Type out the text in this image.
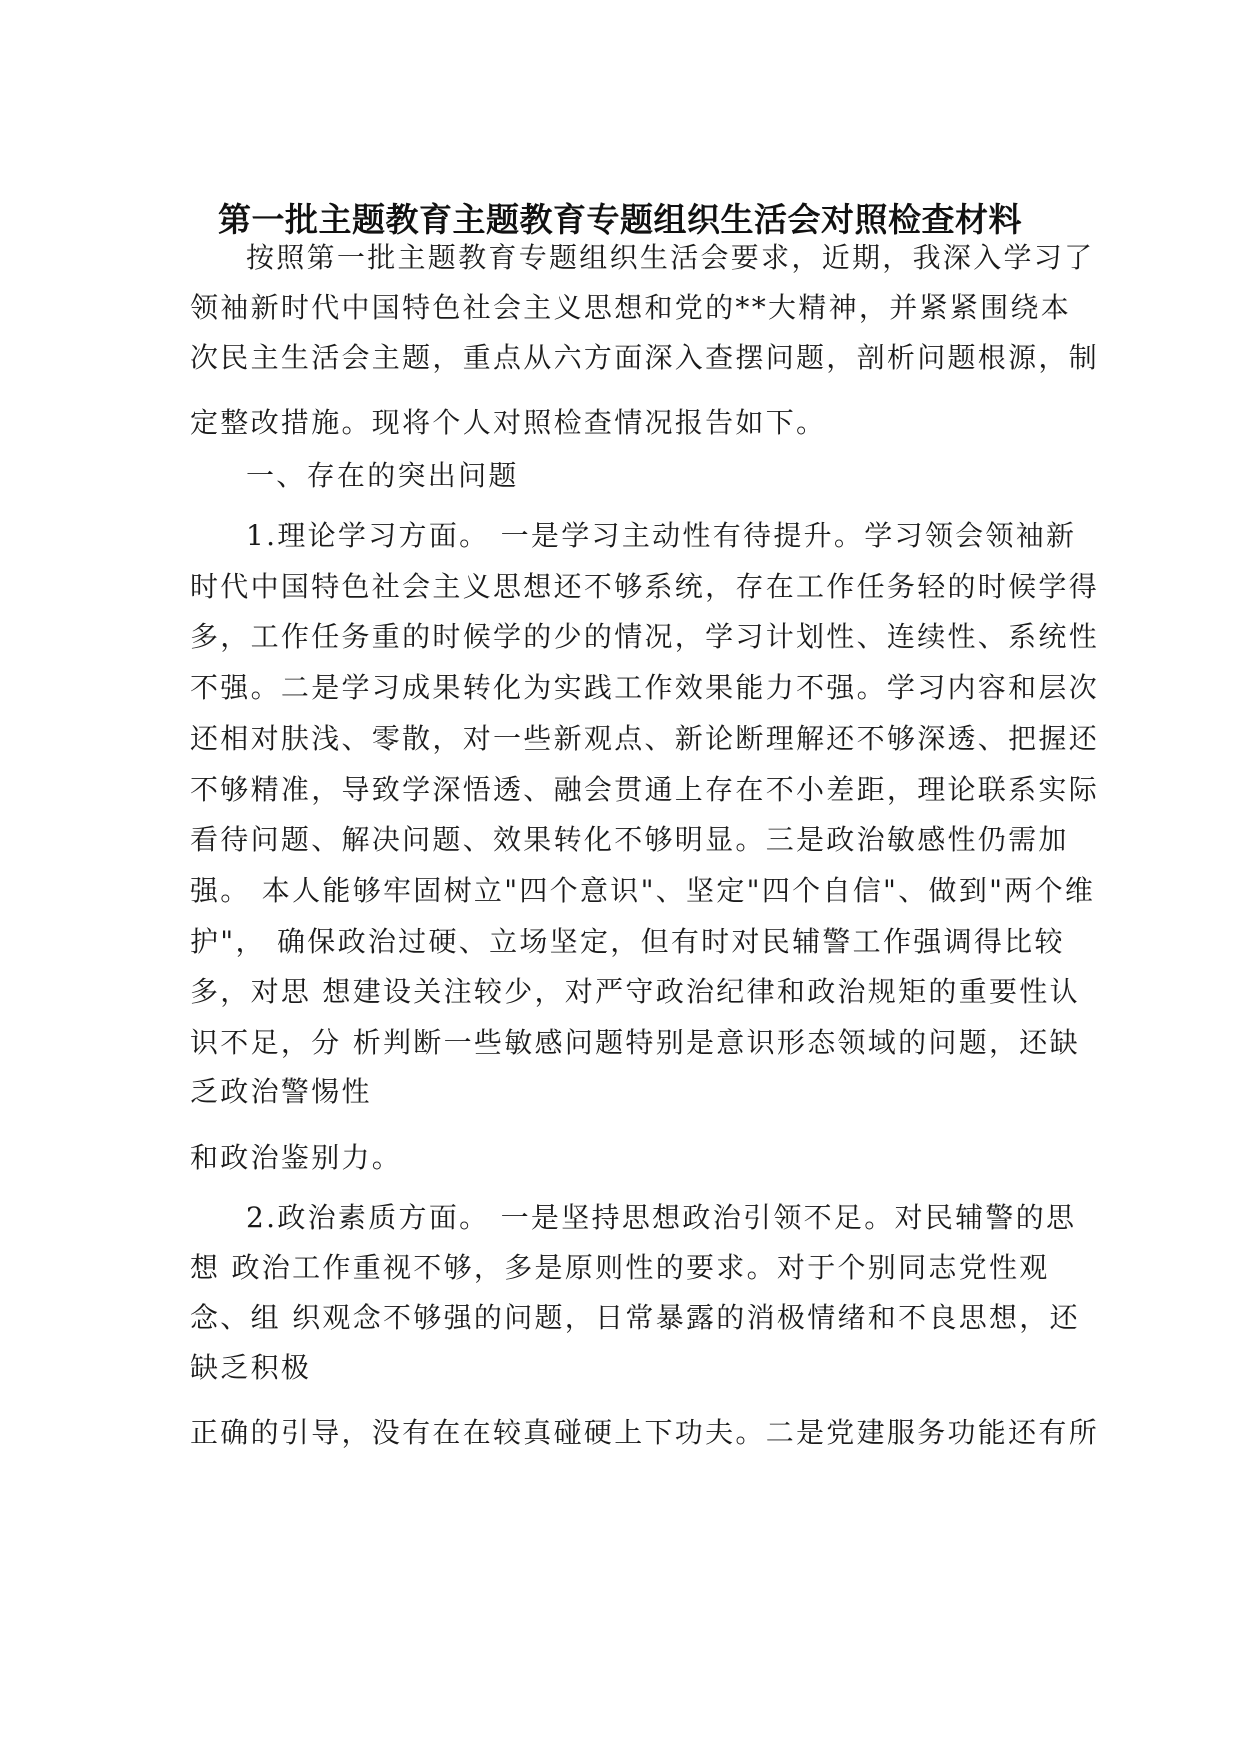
第一批主题教育主题教育专题组织生活会对照检查材料
按照第一批主题教育专题组织生活会要求，近期，我深入学习了
领袖新时代中国特色社会主义思想和党的**大精神，并紧紧围绕本
次民主生活会主题，重点从六方面深入查摆问题，剖析问题根源，制
定整改措施。现将个人对照检查情况报告如下。
一、存在的突出问题
1.理论学习方面。 一是学习主动性有待提升。学习领会领袖新
时代中国特色社会主义思想还不够系统，存在工作任务轻的时候学得
多，工作任务重的时候学的少的情况，学习计划性、连续性、系统性
不强。二是学习成果转化为实践工作效果能力不强。学习内容和层次
还相对肤浅、零散，对一些新观点、新论断理解还不够深透、把握还
不够精准，导致学深悟透、融会贯通上存在不小差距，理论联系实际
看待问题、解决问题、效果转化不够明显。三是政治敏感性仍需加
强。 本人能够牢固树立"四个意识"、坚定"四个自信"、做到"两个维
护"， 确保政治过硬、立场坚定，但有时对民辅警工作强调得比较
多，对思 想建设关注较少，对严守政治纪律和政治规矩的重要性认
识不足，分 析判断一些敏感问题特别是意识形态领域的问题，还缺
乏政治警惕性
和政治鉴别力。
2.政治素质方面。 一是坚持思想政治引领不足。对民辅警的思
想 政治工作重视不够，多是原则性的要求。对于个别同志党性观
念、组 织观念不够强的问题，日常暴露的消极情绪和不良思想，还
缺乏积极
正确的引导，没有在在较真碰硬上下功夫。二是党建服务功能还有所
